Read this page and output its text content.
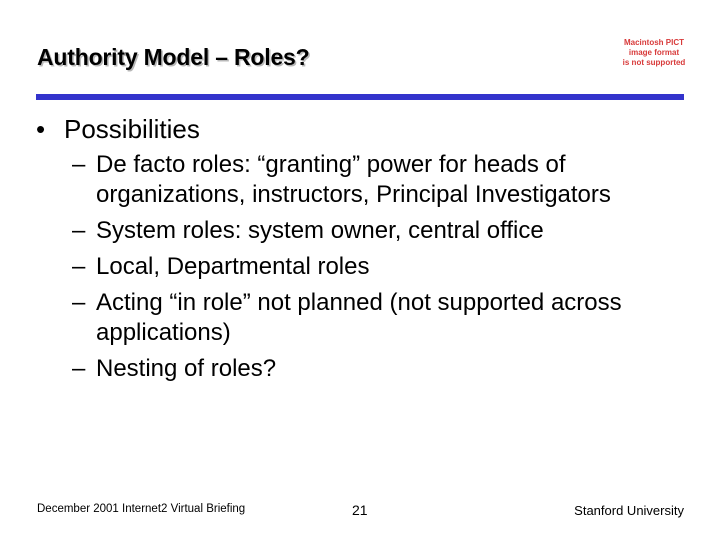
Authority Model – Roles?
Macintosh PICT
image format
is not supported
• Possibilities
– De facto roles: “granting” power for heads of organizations, instructors, Principal Investigators
– System roles: system owner, central office
– Local, Departmental roles
– Acting “in role” not planned (not supported across applications)
– Nesting of roles?
December 2001 Internet2 Virtual Briefing	21	Stanford University
